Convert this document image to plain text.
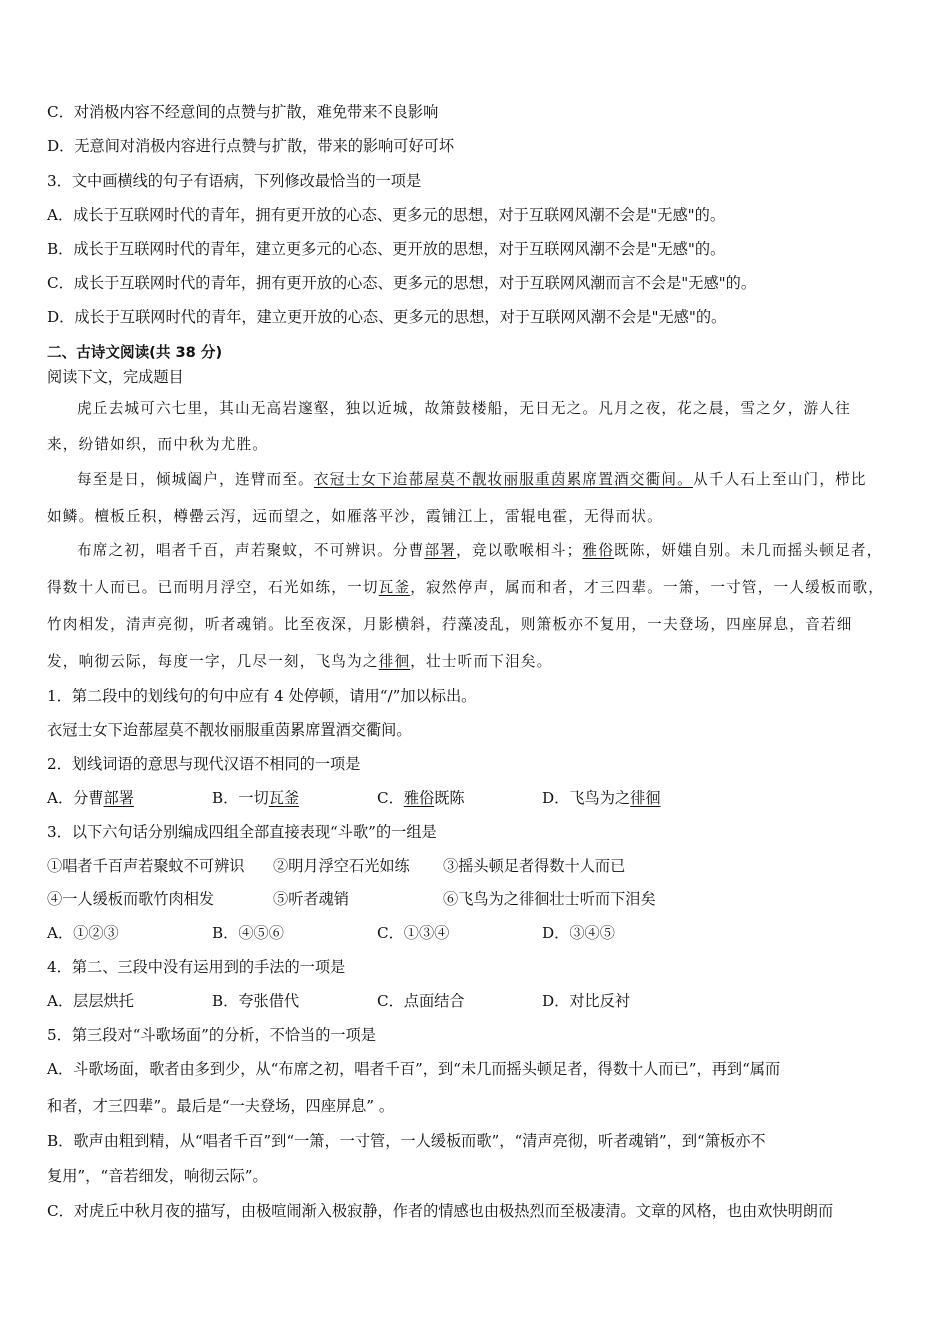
C．对消极内容不经意间的点赞与扩散，难免带来不良影响
D．无意间对消极内容进行点赞与扩散，带来的影响可好可坏
3．文中画横线的句子有语病，下列修改最恰当的一项是
A．成长于互联网时代的青年，拥有更开放的心态、更多元的思想，对于互联网风潮不会是"无感"的。
B．成长于互联网时代的青年，建立更多元的心态、更开放的思想，对于互联网风潮不会是"无感"的。
C．成长于互联网时代的青年，拥有更开放的心态、更多元的思想，对于互联网风潮而言不会是"无感"的。
D．成长于互联网时代的青年，建立更开放的心态、更多元的思想，对于互联网风潮不会是"无感"的。
二、古诗文阅读(共 38 分)
阅读下文，完成题目
虎丘去城可六七里，其山无高岩邃壑，独以近城，故箫鼓楼船，无日无之。凡月之夜，花之晨，雪之夕，游人往
来，纷错如织，而中秋为尤胜。
每至是日，倾城阖户，连臂而至。衣冠士女下迨蔀屋莫不靓妆丽服重茵累席置酒交衢间。从千人石上至山门，栉比
如鳞。檀板丘积，樽罍云泻，远而望之，如雁落平沙，霞铺江上，雷辊电霍，无得而状。
布席之初，唱者千百，声若聚蚊，不可辨识。分曹部署，竞以歌喉相斗；雅俗既陈，妍媸自别。未几而摇头顿足者，
得数十人而已。已而明月浮空，石光如练，一切瓦釜，寂然停声，属而和者，才三四辈。一箫，一寸管，一人缓板而歌，
竹肉相发，清声亮彻，听者魂销。比至夜深，月影横斜，荇藻凌乱，则箫板亦不复用，一夫登场，四座屏息，音若细
发，响彻云际，每度一字，几尽一刻，飞鸟为之徘徊，壮士听而下泪矣。
1．第二段中的划线句的句中应有 4 处停顿，请用“/”加以标出。
衣冠士女下迨蔀屋莫不靓妆丽服重茵累席置酒交衢间。
2．划线词语的意思与现代汉语不相同的一项是
A．分曹部署	B．一切瓦釜	C．雅俗既陈	D．飞鸟为之徘徊
3．以下六句话分别编成四组全部直接表现“斗歌”的一组是
①唱者千百声若聚蚊不可辨识 ②明月浮空石光如练 ③摇头顿足者得数十人而已
④一人缓板而歌竹肉相发	⑤听者魂销	⑥飞鸟为之徘徊壮士听而下泪矣
A．①②③	B．④⑤⑥	C．①③④	D．③④⑤
4．第二、三段中没有运用到的手法的一项是
A．层层烘托	B．夸张借代	C．点面结合	D．对比反衬
5．第三段对“斗歌场面”的分析，不恰当的一项是
A．斗歌场面，歌者由多到少，从“布席之初，唱者千百”，到“未几而摇头顿足者，得数十人而已”，再到“属而
和者，才三四辈”。最后是“一夫登场，四座屏息” 。
B．歌声由粗到精，从“唱者千百”到“一箫，一寸管，一人缓板而歌”，“清声亮彻，听者魂销”，到“箫板亦不
复用”，“音若细发，响彻云际”。
C．对虎丘中秋月夜的描写，由极喧闹渐入极寂静，作者的情感也由极热烈而至极凄清。文章的风格，也由欢快明朗而
